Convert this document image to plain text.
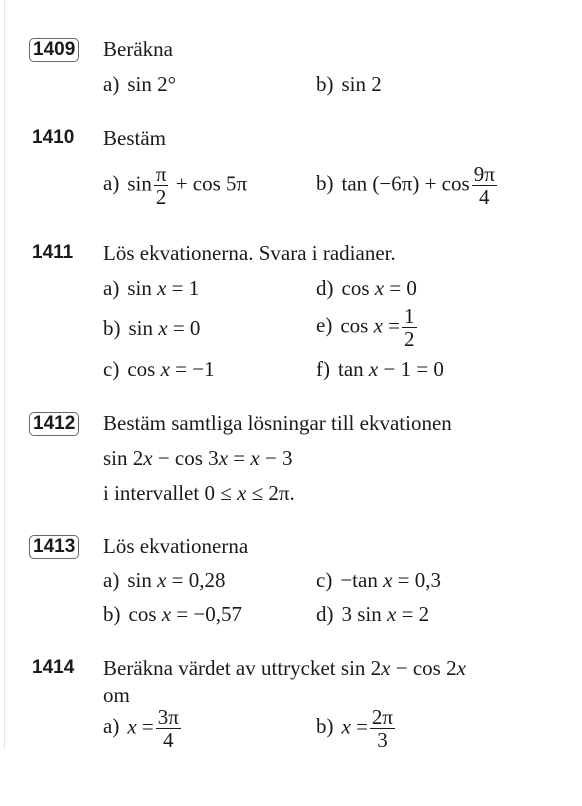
1409 Beräkna
a) sin 2°	b) sin 2
1410 Bestäm
a) $\sin \frac{\pi}{2} + \cos 5\pi$	b) $\tan (-6\pi) + \cos \frac{9\pi}{4}$
1411 Lös ekvationerna. Svara i radianer.
a) sin x = 1	d) cos x = 0
b) sin x = 0	e) $\cos x = \frac{1}{2}$
c) cos x = −1	f) tan x − 1 = 0
1412 Bestäm samtliga lösningar till ekvationen
sin 2x − cos 3x = x − 3
i intervallet 0 ≤ x ≤ 2π.
1413 Lös ekvationerna
a) sin x = 0,28	c) −tan x = 0,3
b) cos x = −0,57	d) 3 sin x = 2
1414 Beräkna värdet av uttrycket sin 2x − cos 2x
om
a) $x = \frac{3\pi}{4}$	b) $x = \frac{2\pi}{3}$
